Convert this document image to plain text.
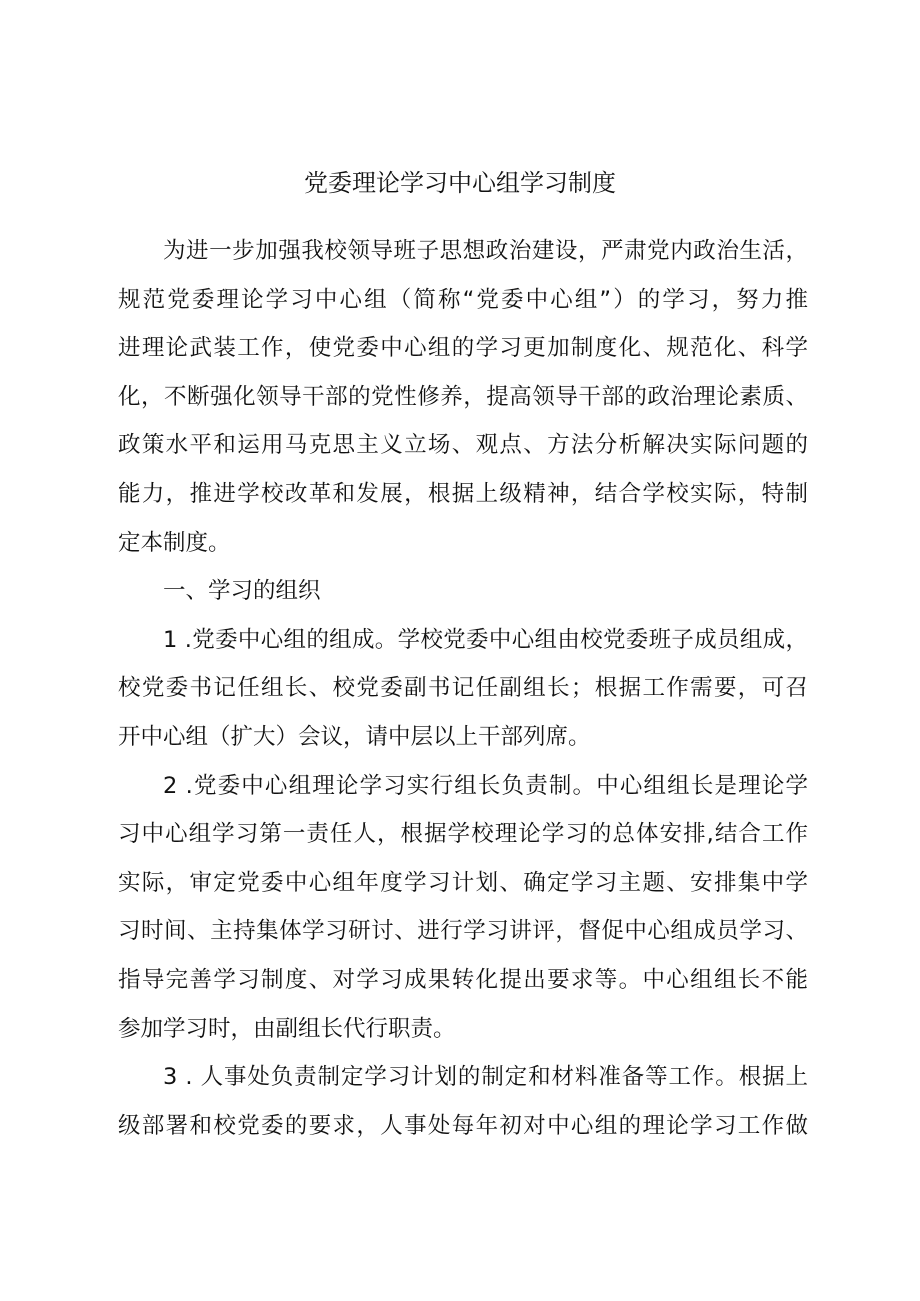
党委理论学习中心组学习制度
为进一步加强我校领导班子思想政治建设，严肃党内政治生活，
规范党委理论学习中心组（简称“党委中心组”）的学习，努力推
进理论武装工作，使党委中心组的学习更加制度化、规范化、科学
化，不断强化领导干部的党性修养，提高领导干部的政治理论素质、
政策水平和运用马克思主义立场、观点、方法分析解决实际问题的
能力，推进学校改革和发展，根据上级精神，结合学校实际，特制
定本制度。
一、学习的组织
1 .党委中心组的组成。学校党委中心组由校党委班子成员组成，
校党委书记任组长、校党委副书记任副组长；根据工作需要，可召
开中心组（扩大）会议，请中层以上干部列席。
2 .党委中心组理论学习实行组长负责制。中心组组长是理论学
习中心组学习第一责任人，根据学校理论学习的总体安排,结合工作
实际，审定党委中心组年度学习计划、确定学习主题、安排集中学
习时间、主持集体学习研讨、进行学习讲评，督促中心组成员学习、
指导完善学习制度、对学习成果转化提出要求等。中心组组长不能
参加学习时，由副组长代行职责。
3 . 人事处负责制定学习计划的制定和材料准备等工作。根据上
级部署和校党委的要求，人事处每年初对中心组的理论学习工作做
